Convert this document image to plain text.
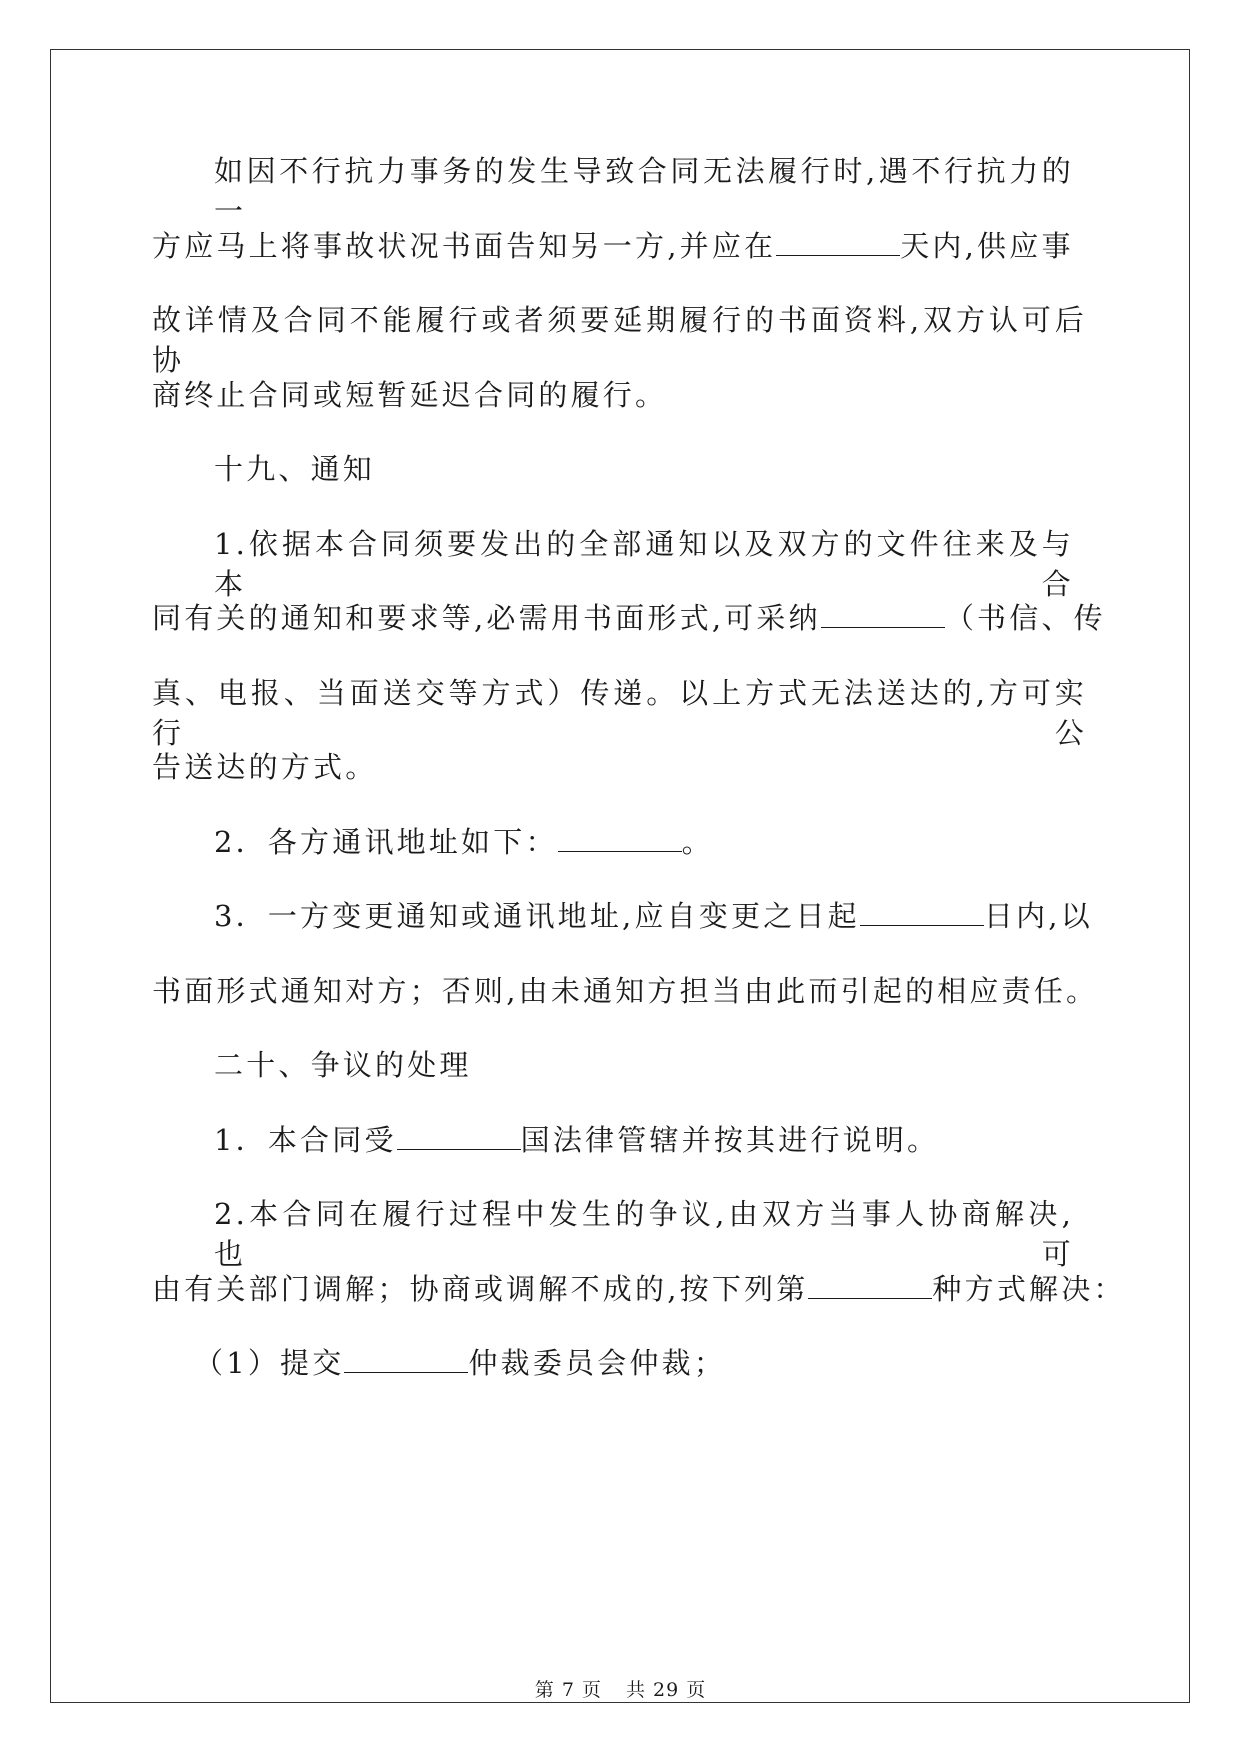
如因不行抗力事务的发生导致合同无法履行时,遇不行抗力的一
方应马上将事故状况书面告知另一方,并应在	天内,供应事
故详情及合同不能履行或者须要延期履行的书面资料,双方认可后协
商终止合同或短暂延迟合同的履行。
十九、通知
1.依据本合同须要发出的全部通知以及双方的文件往来及与本合
同有关的通知和要求等,必需用书面形式,可采纳	（书信、传
真、电报、当面送交等方式）传递。以上方式无法送达的,方可实行公
告送达的方式。
2．各方通讯地址如下：	。
3．一方变更通知或通讯地址,应自变更之日起	日内,以
书面形式通知对方；否则,由未通知方担当由此而引起的相应责任。
二十、争议的处理
1．本合同受	国法律管辖并按其进行说明。
2.本合同在履行过程中发生的争议,由双方当事人协商解决,也可
由有关部门调解；协商或调解不成的,按下列第	种方式解决：
（1）提交	仲裁委员会仲裁；
第 7 页 共 29 页
